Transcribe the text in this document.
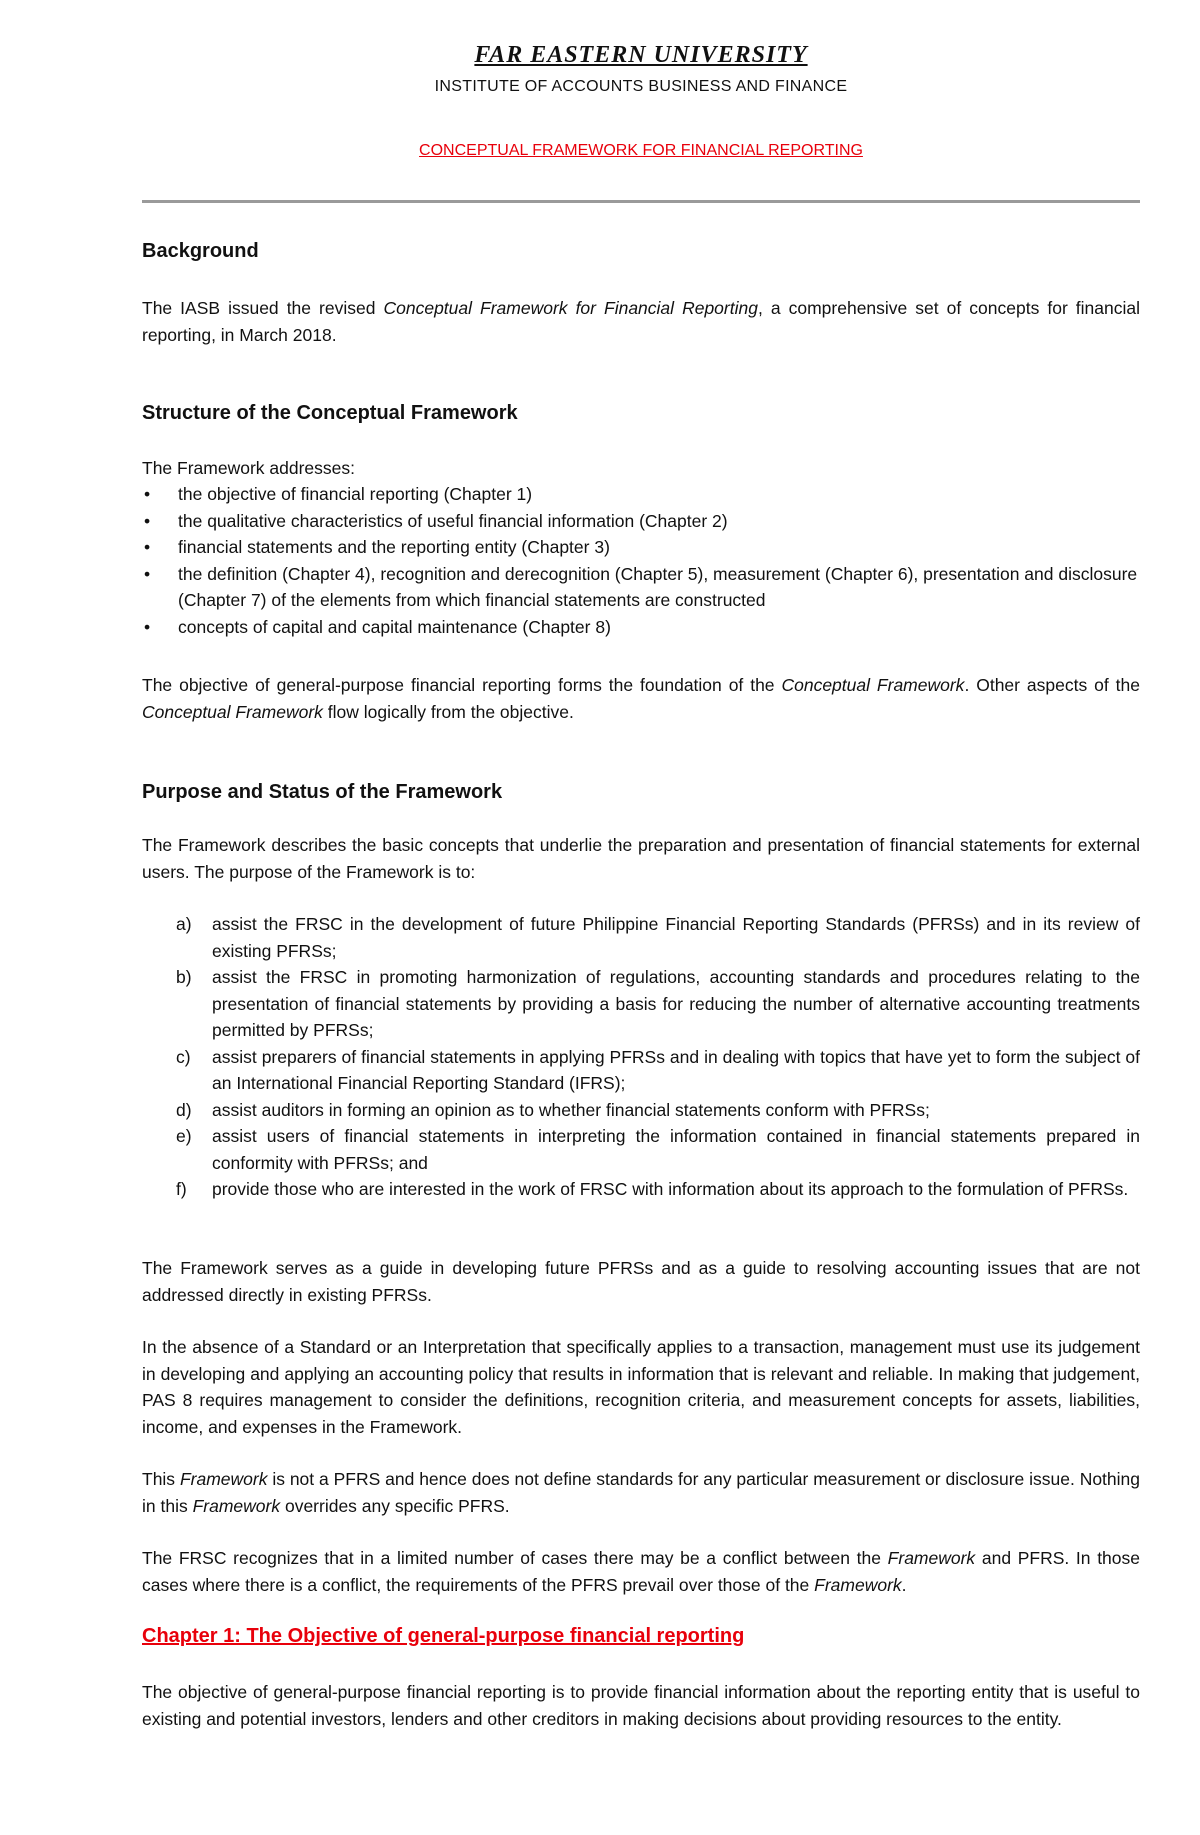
FAR EASTERN UNIVERSITY
INSTITUTE OF ACCOUNTS BUSINESS AND FINANCE
CONCEPTUAL FRAMEWORK FOR FINANCIAL REPORTING
Background
The IASB issued the revised Conceptual Framework for Financial Reporting, a comprehensive set of concepts for financial reporting, in March 2018.
Structure of the Conceptual Framework
The Framework addresses:
• the objective of financial reporting (Chapter 1)
• the qualitative characteristics of useful financial information (Chapter 2)
• financial statements and the reporting entity (Chapter 3)
• the definition (Chapter 4), recognition and derecognition (Chapter 5), measurement (Chapter 6), presentation and disclosure (Chapter 7) of the elements from which financial statements are constructed
• concepts of capital and capital maintenance (Chapter 8)
The objective of general-purpose financial reporting forms the foundation of the Conceptual Framework. Other aspects of the Conceptual Framework flow logically from the objective.
Purpose and Status of the Framework
The Framework describes the basic concepts that underlie the preparation and presentation of financial statements for external users. The purpose of the Framework is to:
a) assist the FRSC in the development of future Philippine Financial Reporting Standards (PFRSs) and in its review of existing PFRSs;
b) assist the FRSC in promoting harmonization of regulations, accounting standards and procedures relating to the presentation of financial statements by providing a basis for reducing the number of alternative accounting treatments permitted by PFRSs;
c) assist preparers of financial statements in applying PFRSs and in dealing with topics that have yet to form the subject of an International Financial Reporting Standard (IFRS);
d) assist auditors in forming an opinion as to whether financial statements conform with PFRSs;
e) assist users of financial statements in interpreting the information contained in financial statements prepared in conformity with PFRSs; and
f) provide those who are interested in the work of FRSC with information about its approach to the formulation of PFRSs.
The Framework serves as a guide in developing future PFRSs and as a guide to resolving accounting issues that are not addressed directly in existing PFRSs.
In the absence of a Standard or an Interpretation that specifically applies to a transaction, management must use its judgement in developing and applying an accounting policy that results in information that is relevant and reliable. In making that judgement, PAS 8 requires management to consider the definitions, recognition criteria, and measurement concepts for assets, liabilities, income, and expenses in the Framework.
This Framework is not a PFRS and hence does not define standards for any particular measurement or disclosure issue. Nothing in this Framework overrides any specific PFRS.
The FRSC recognizes that in a limited number of cases there may be a conflict between the Framework and PFRS. In those cases where there is a conflict, the requirements of the PFRS prevail over those of the Framework.
Chapter 1: The Objective of general-purpose financial reporting
The objective of general-purpose financial reporting is to provide financial information about the reporting entity that is useful to existing and potential investors, lenders and other creditors in making decisions about providing resources to the entity.
